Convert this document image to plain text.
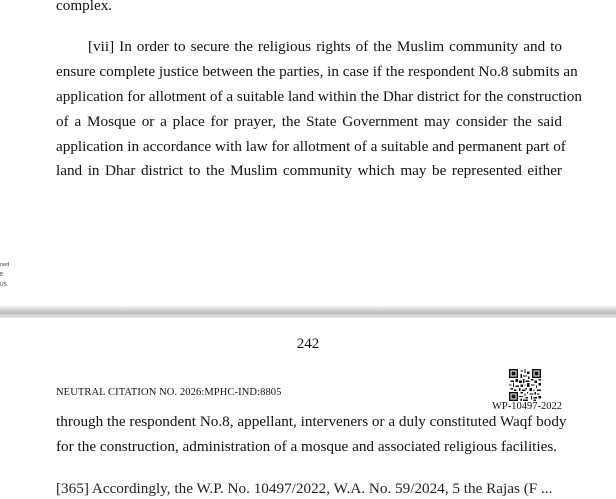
complex.
[vii] In order to secure the religious rights of the Muslim community and to
ensure complete justice between the parties, in case if the respondent No.8 submits an
application for allotment of a suitable land within the Dhar district for the construction
of a Mosque or a place for prayer, the State Government may consider the said
application in accordance with law for allotment of a suitable and permanent part of
land in Dhar district to the Muslim community which may be represented either
ned
E
US
242
NEUTRAL CITATION NO. 2026:MPHC-IND:8805
WP-10497-2022
through the respondent No.8, appellant, interveners or a duly constituted Waqf body
for the construction, administration of a mosque and associated religious facilities.
[365] Accordingly, the W.P. No. 10497/2022, W.A. No. 59/2024, 5 the Rajas (F ...
